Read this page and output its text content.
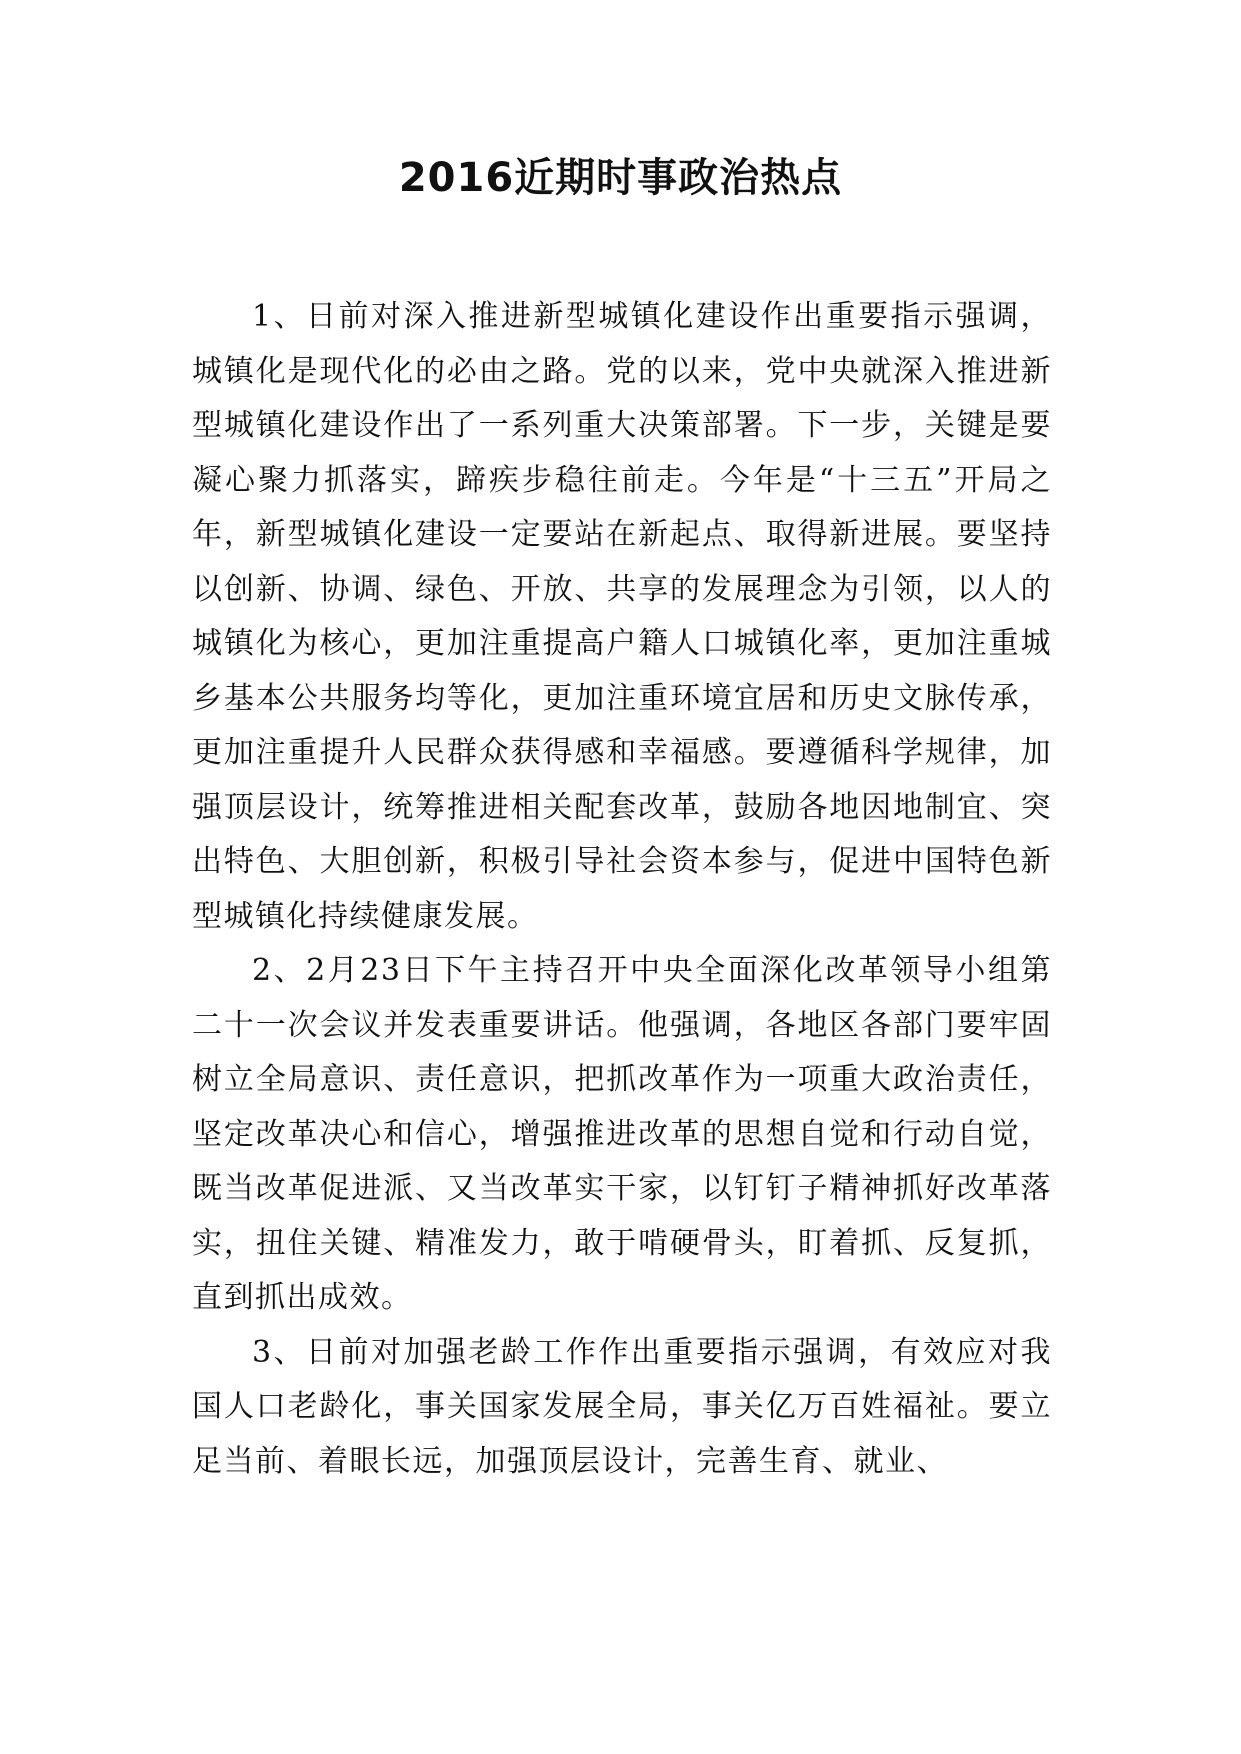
2016近期时事政治热点

1、日前对深入推进新型城镇化建设作出重要指示强调，城镇化是现代化的必由之路。党的以来，党中央就深入推进新型城镇化建设作出了一系列重大决策部署。下一步，关键是要凝心聚力抓落实，蹄疾步稳往前走。今年是“十三五”开局之年，新型城镇化建设一定要站在新起点、取得新进展。要坚持以创新、协调、绿色、开放、共享的发展理念为引领，以人的城镇化为核心，更加注重提高户籍人口城镇化率，更加注重城乡基本公共服务均等化，更加注重环境宜居和历史文脉传承，更加注重提升人民群众获得感和幸福感。要遵循科学规律，加强顶层设计，统筹推进相关配套改革，鼓励各地因地制宜、突出特色、大胆创新，积极引导社会资本参与，促进中国特色新型城镇化持续健康发展。

2、2月23日下午主持召开中央全面深化改革领导小组第二十一次会议并发表重要讲话。他强调，各地区各部门要牢固树立全局意识、责任意识，把抓改革作为一项重大政治责任，坚定改革决心和信心，增强推进改革的思想自觉和行动自觉，既当改革促进派、又当改革实干家，以钉钉子精神抓好改革落实，扭住关键、精准发力，敢于啃硬骨头，盯着抓、反复抓，直到抓出成效。

3、日前对加强老龄工作作出重要指示强调，有效应对我国人口老龄化，事关国家发展全局，事关亿万百姓福祉。要立足当前、着眼长远，加强顶层设计，完善生育、就业、
